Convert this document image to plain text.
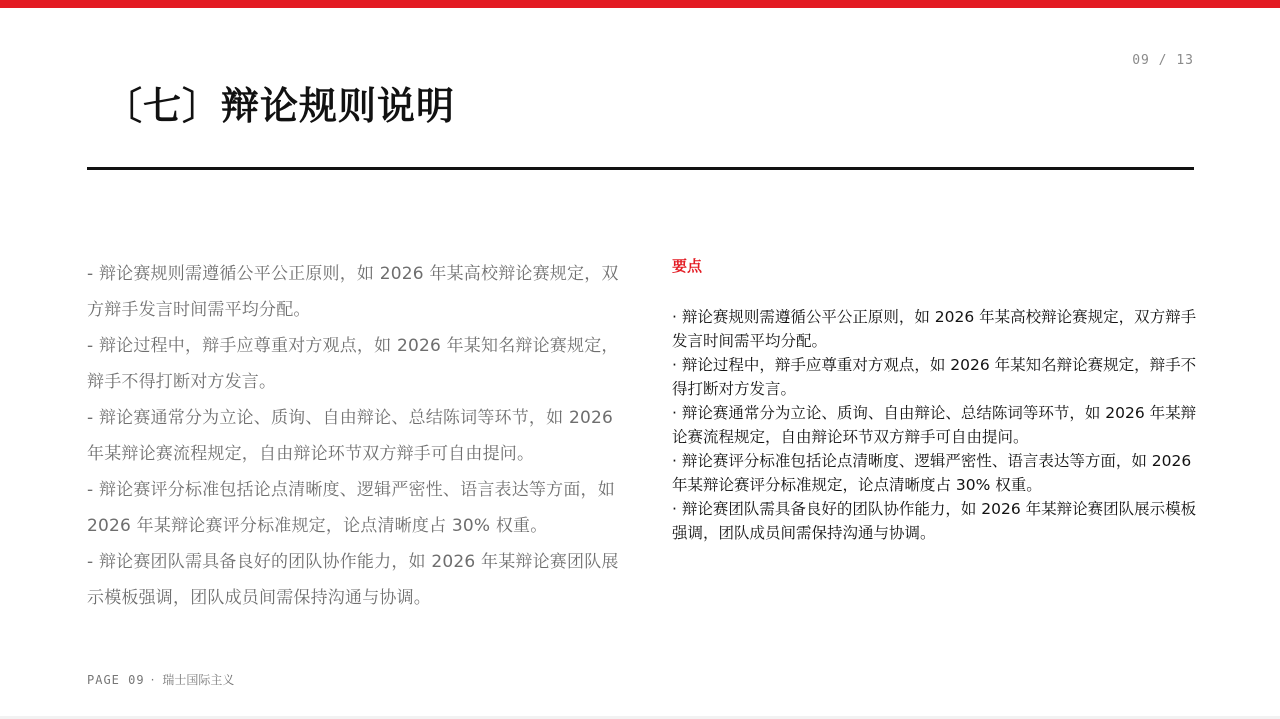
09 / 13
〔七〕辩论规则说明
- 辩论赛规则需遵循公平公正原则，如 2026 年某高校辩论赛规定，双方辩手发言时间需平均分配。
- 辩论过程中，辩手应尊重对方观点，如 2026 年某知名辩论赛规定，辩手不得打断对方发言。
- 辩论赛通常分为立论、质询、自由辩论、总结陈词等环节，如 2026 年某辩论赛流程规定，自由辩论环节双方辩手可自由提问。
- 辩论赛评分标准包括论点清晰度、逻辑严密性、语言表达等方面，如 2026 年某辩论赛评分标准规定，论点清晰度占 30% 权重。
- 辩论赛团队需具备良好的团队协作能力，如 2026 年某辩论赛团队展示模板强调，团队成员间需保持沟通与协调。
要点
· 辩论赛规则需遵循公平公正原则，如 2026 年某高校辩论赛规定，双方辩手发言时间需平均分配。
· 辩论过程中，辩手应尊重对方观点，如 2026 年某知名辩论赛规定，辩手不得打断对方发言。
· 辩论赛通常分为立论、质询、自由辩论、总结陈词等环节，如 2026 年某辩论赛流程规定，自由辩论环节双方辩手可自由提问。
· 辩论赛评分标准包括论点清晰度、逻辑严密性、语言表达等方面，如 2026 年某辩论赛评分标准规定，论点清晰度占 30% 权重。
· 辩论赛团队需具备良好的团队协作能力，如 2026 年某辩论赛团队展示模板强调，团队成员间需保持沟通与协调。
PAGE 09 · 瑞士国际主义
